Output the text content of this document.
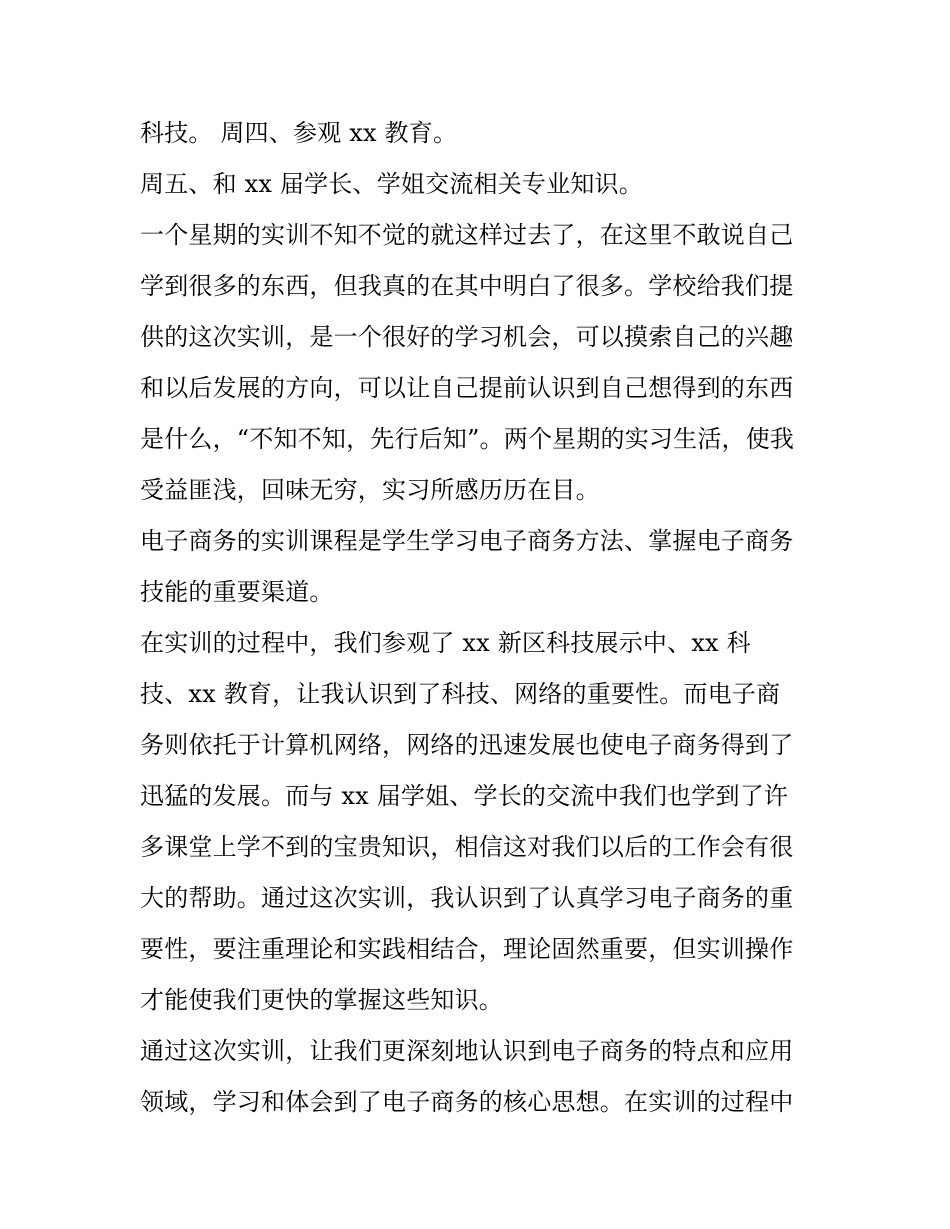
科技。 周四、参观 xx 教育。
周五、和 xx 届学长、学姐交流相关专业知识。
一个星期的实训不知不觉的就这样过去了，在这里不敢说自己
学到很多的东西，但我真的在其中明白了很多。学校给我们提
供的这次实训，是一个很好的学习机会，可以摸索自己的兴趣
和以后发展的方向，可以让自己提前认识到自己想得到的东西
是什么，“不知不知，先行后知”。两个星期的实习生活，使我
受益匪浅，回味无穷，实习所感历历在目。
电子商务的实训课程是学生学习电子商务方法、掌握电子商务
技能的重要渠道。
在实训的过程中，我们参观了 xx 新区科技展示中、xx 科
技、xx 教育，让我认识到了科技、网络的重要性。而电子商
务则依托于计算机网络，网络的迅速发展也使电子商务得到了
迅猛的发展。而与 xx 届学姐、学长的交流中我们也学到了许
多课堂上学不到的宝贵知识，相信这对我们以后的工作会有很
大的帮助。通过这次实训，我认识到了认真学习电子商务的重
要性，要注重理论和实践相结合，理论固然重要，但实训操作
才能使我们更快的掌握这些知识。
通过这次实训，让我们更深刻地认识到电子商务的特点和应用
领域，学习和体会到了电子商务的核心思想。在实训的过程中
